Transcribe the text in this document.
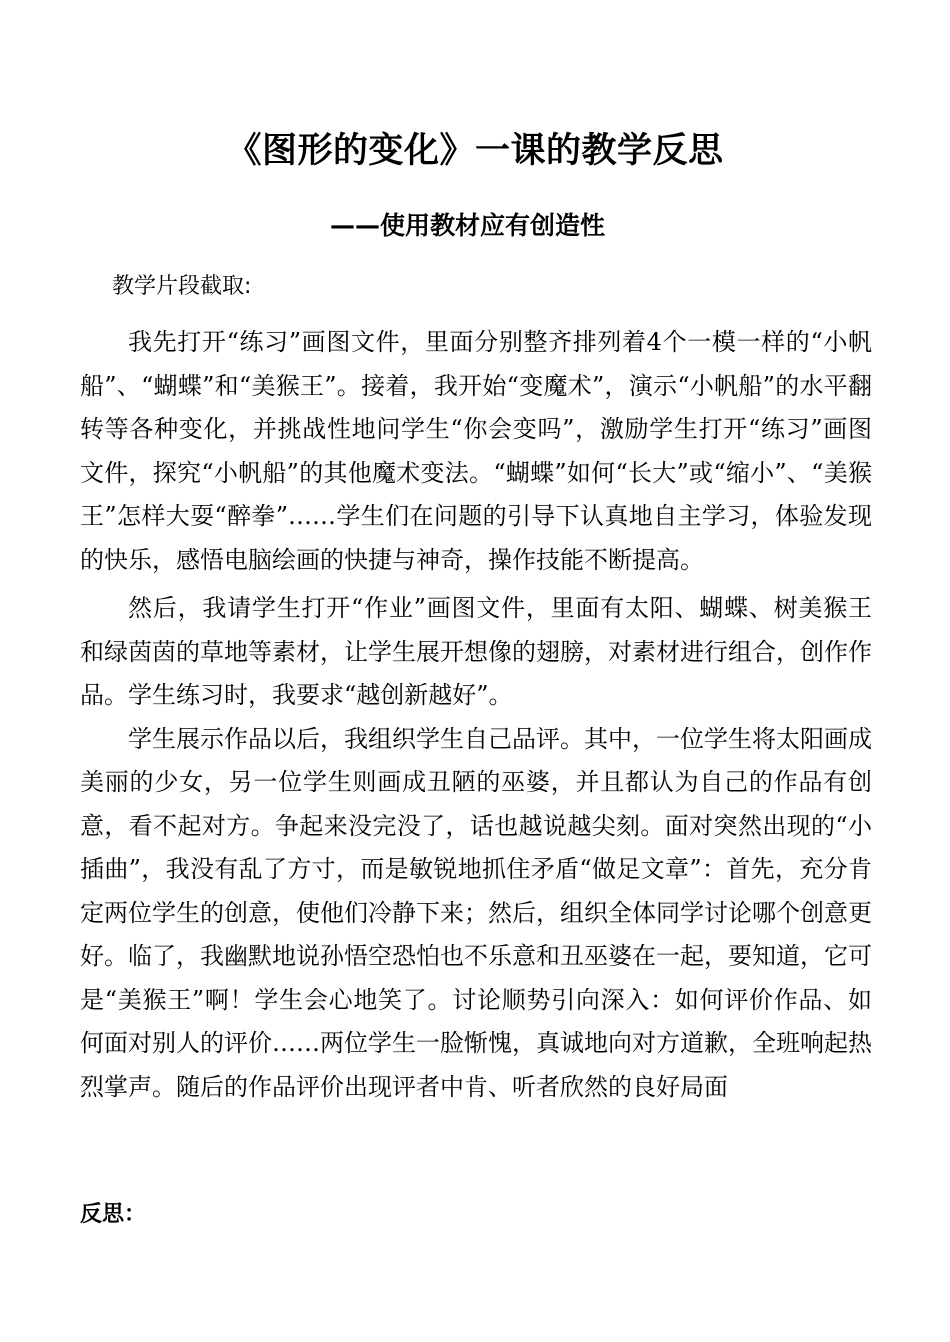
《图形的变化》一课的教学反思
——使用教材应有创造性
教学片段截取:

我先打开“练习”画图文件，里面分别整齐排列着4个一模一样的“小帆船”、“蝴蝶”和“美猴王”。接着，我开始“变魔术”，演示“小帆船”的水平翻转等各种变化，并挑战性地问学生“你会变吗”，激励学生打开“练习”画图文件，探究“小帆船”的其他魔术变法。“蝴蝶”如何“长大”或“缩小”、“美猴王”怎样大耍“醉拳”……学生们在问题的引导下认真地自主学习，体验发现的快乐，感悟电脑绘画的快捷与神奇，操作技能不断提高。

然后，我请学生打开“作业”画图文件，里面有太阳、蝴蝶、树美猴王和绿茵茵的草地等素材，让学生展开想像的翅膀，对素材进行组合，创作作品。学生练习时，我要求“越创新越好”。

学生展示作品以后，我组织学生自己品评。其中，一位学生将太阳画成美丽的少女，另一位学生则画成丑陋的巫婆，并且都认为自己的作品有创意，看不起对方。争起来没完没了，话也越说越尖刻。面对突然出现的“小插曲”，我没有乱了方寸，而是敏锐地抓住矛盾“做足文章”：首先，充分肯定两位学生的创意，使他们冷静下来；然后，组织全体同学讨论哪个创意更好。临了，我幽默地说孙悟空恐怕也不乐意和丑巫婆在一起，要知道，它可是“美猴王”啊！学生会心地笑了。讨论顺势引向深入：如何评价作品、如何面对别人的评价……两位学生一脸惭愧，真诚地向对方道歉，全班响起热烈掌声。随后的作品评价出现评者中肯、听者欣然的良好局面

反思：
